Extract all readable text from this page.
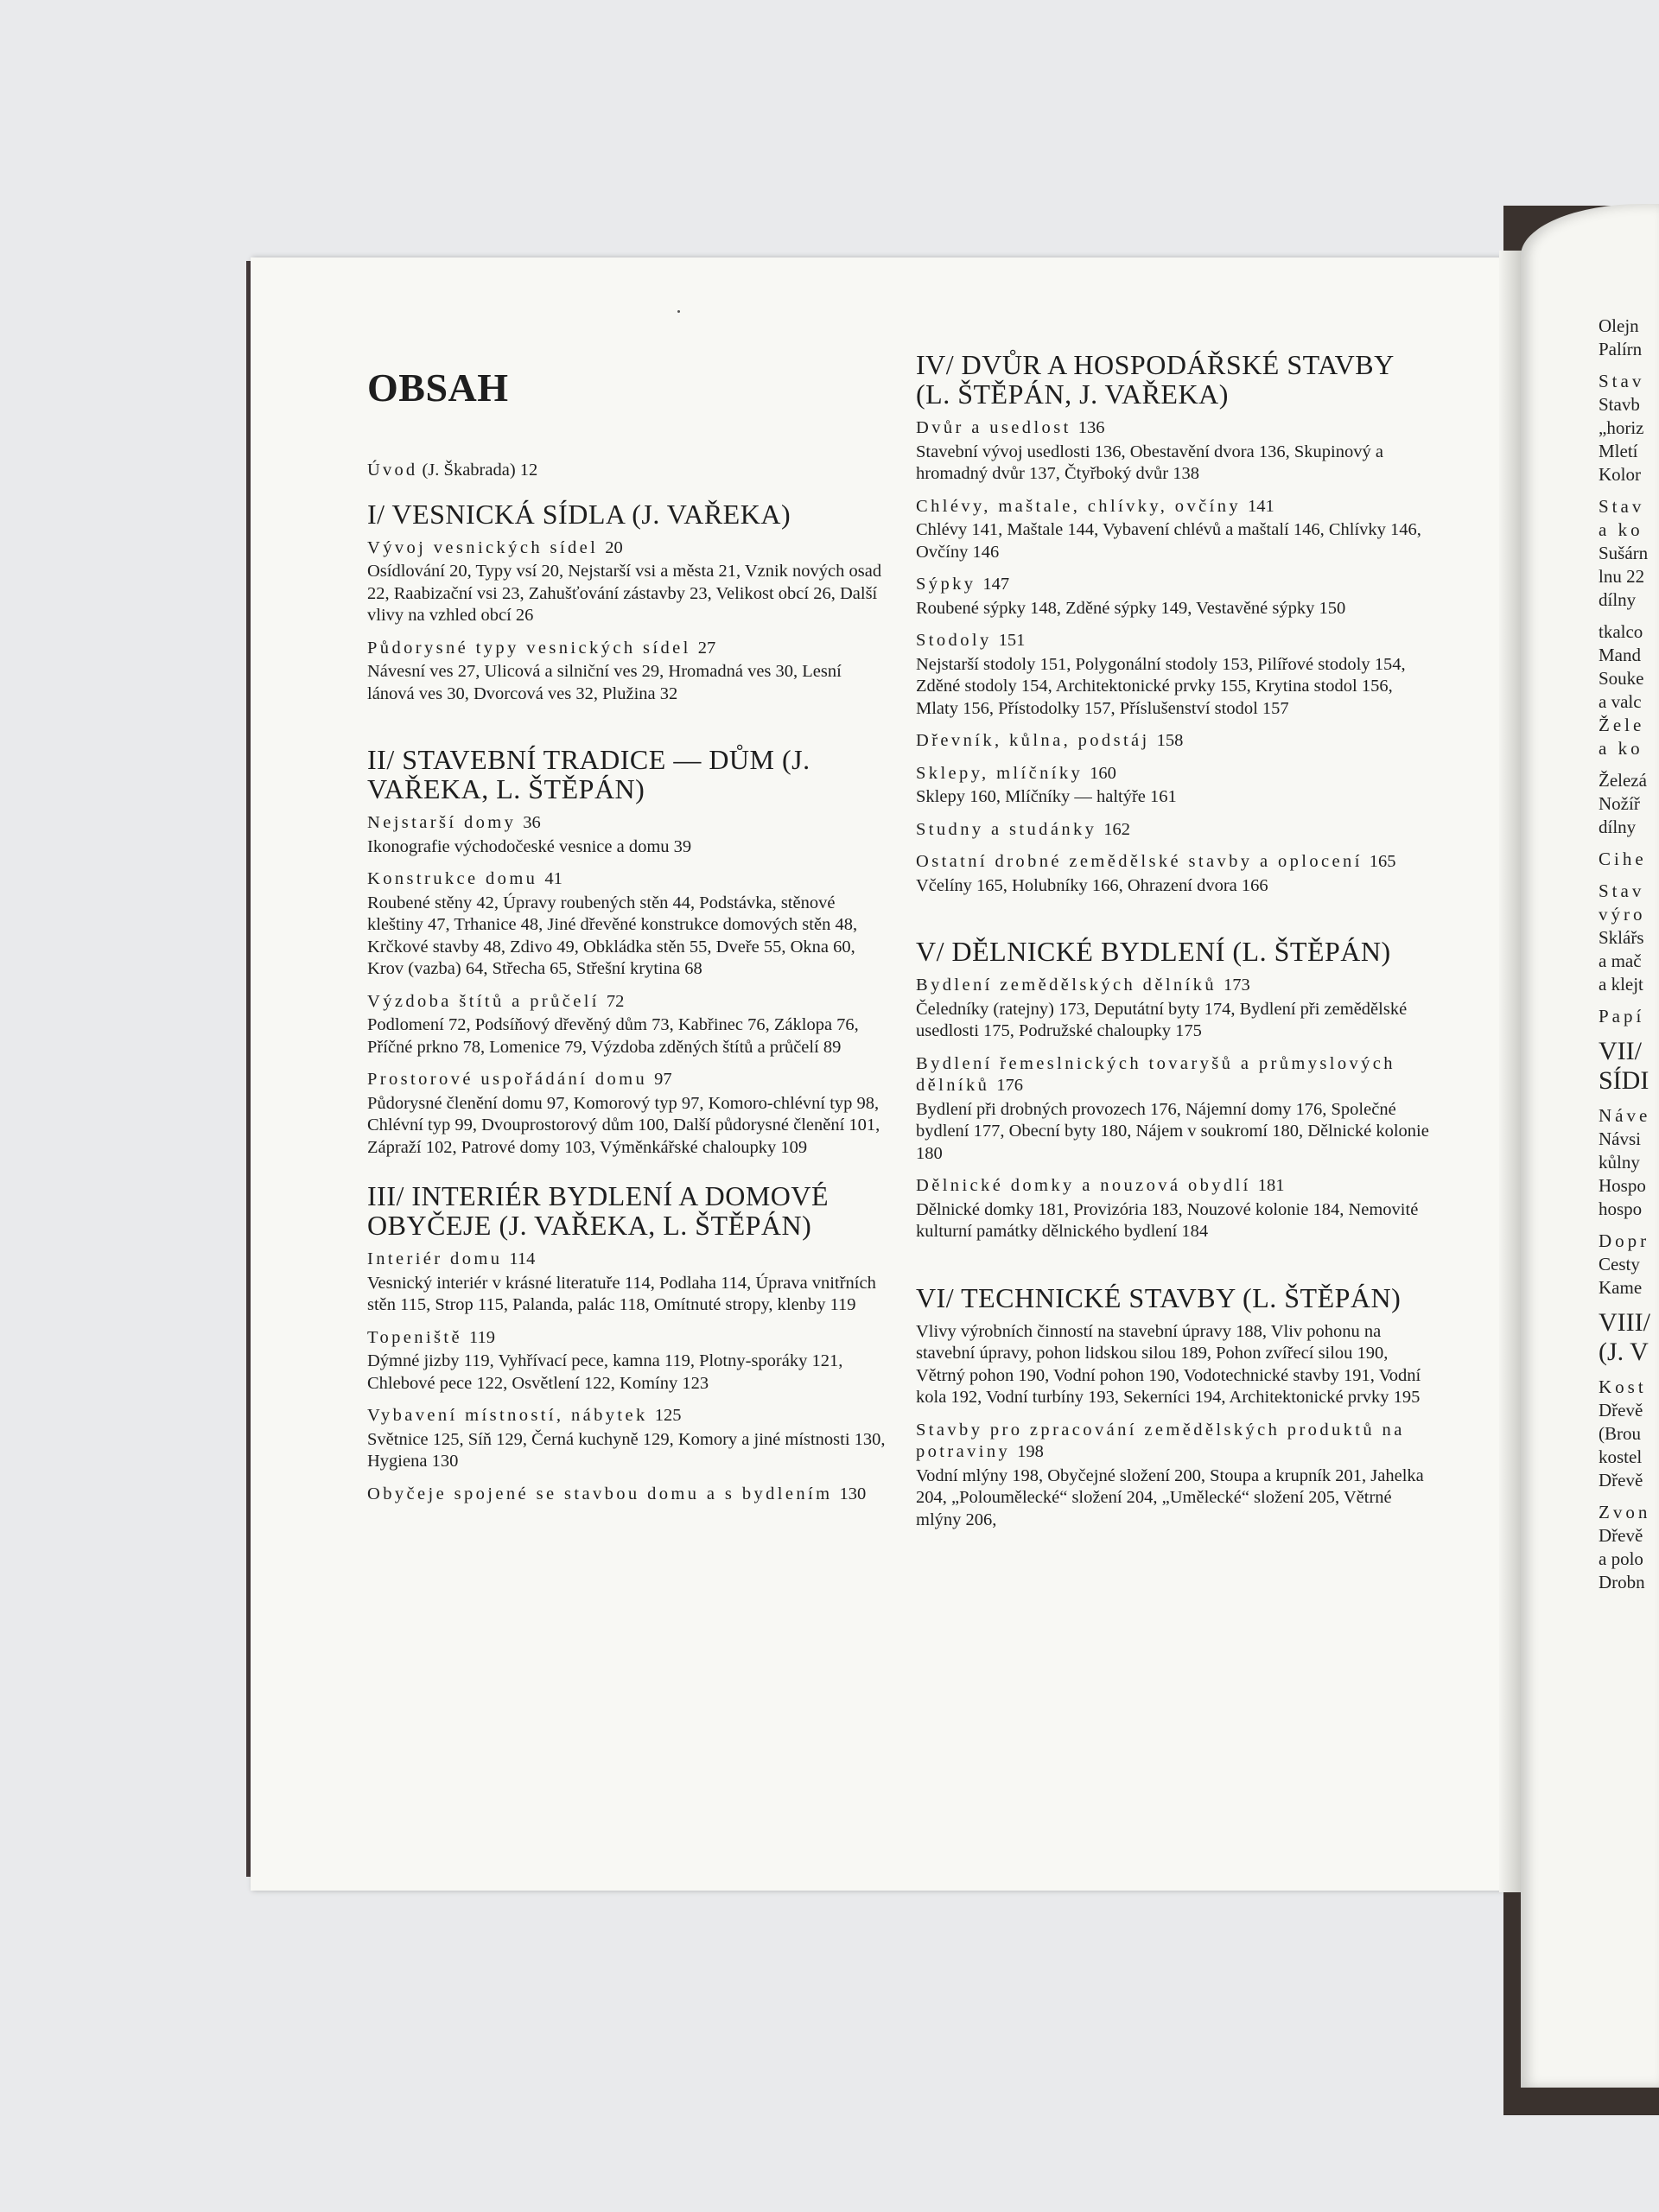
OBSAH
Úvod (J. Škabrada) 12
I/ VESNICKÁ SÍDLA (J. VAŘEKA)
Vývoj vesnických sídel 20
Osídlování 20, Typy vsí 20, Nejstarší vsi a města 21, Vznik nových osad 22, Raabizační vsi 23, Zahušťování zástavby 23, Velikost obcí 26, Další vlivy na vzhled obcí 26
Půdorysné typy vesnických sídel 27
Návesní ves 27, Ulicová a silniční ves 29, Hromadná ves 30, Lesní lánová ves 30, Dvorcová ves 32, Plužina 32
II/ STAVEBNÍ TRADICE — DŮM (J. VAŘEKA, L. ŠTĚPÁN)
Nejstarší domy 36
Ikonografie východočeské vesnice a domu 39
Konstrukce domu 41
Roubené stěny 42, Úpravy roubených stěn 44, Podstávka, stěnové kleštiny 47, Trhanice 48, Jiné dřevěné konstrukce domových stěn 48, Krčkové stavby 48, Zdivo 49, Obkládka stěn 55, Dveře 55, Okna 60, Krov (vazba) 64, Střecha 65, Střešní krytina 68
Výzdoba štítů a průčelí 72
Podlomení 72, Podsíňový dřevěný dům 73, Kabřinec 76, Záklopa 76, Příčné prkno 78, Lomenice 79, Výzdoba zděných štítů a průčelí 89
Prostorové uspořádání domu 97
Půdorysné členění domu 97, Komorový typ 97, Komoro-chlévní typ 98, Chlévní typ 99, Dvouprostorový dům 100, Další půdorysné členění 101, Zápraží 102, Patrové domy 103, Výměnkářské chaloupky 109
III/ INTERIÉR BYDLENÍ A DOMOVÉ OBYČEJE (J. VAŘEKA, L. ŠTĚPÁN)
Interiér domu 114
Vesnický interiér v krásné literatuře 114, Podlaha 114, Úprava vnitřních stěn 115, Strop 115, Palanda, palác 118, Omítnuté stropy, klenby 119
Topeniště 119
Dýmné jizby 119, Vyhřívací pece, kamna 119, Plotny-sporáky 121, Chlebové pece 122, Osvětlení 122, Komíny 123
Vybavení místností, nábytek 125
Světnice 125, Síň 129, Černá kuchyně 129, Komory a jiné místnosti 130, Hygiena 130
Obyčeje spojené se stavbou domu a s bydlením 130
IV/ DVŮR A HOSPODÁŘSKÉ STAVBY (L. ŠTĚPÁN, J. VAŘEKA)
Dvůr a usedlost 136
Stavební vývoj usedlosti 136, Obestavění dvora 136, Skupinový a hromadný dvůr 137, Čtyřboký dvůr 138
Chlévy, maštale, chlívky, ovčíny 141
Chlévy 141, Maštale 144, Vybavení chlévů a maštalí 146, Chlívky 146, Ovčíny 146
Sýpky 147
Roubené sýpky 148, Zděné sýpky 149, Vestavěné sýpky 150
Stodoly 151
Nejstarší stodoly 151, Polygonální stodoly 153, Pilířové stodoly 154, Zděné stodoly 154, Architektonické prvky 155, Krytina stodol 156, Mlaty 156, Přístodolky 157, Příslušenství stodol 157
Dřevník, kůlna, podstáj 158
Sklepy, mlíčníky 160
Sklepy 160, Mlíčníky — haltýře 161
Studny a studánky 162
Ostatní drobné zemědělské stavby a oplocení 165
Včelíny 165, Holubníky 166, Ohrazení dvora 166
V/ DĚLNICKÉ BYDLENÍ (L. ŠTĚPÁN)
Bydlení zemědělských dělníků 173
Čeledníky (ratejny) 173, Deputátní byty 174, Bydlení při zemědělské usedlosti 175, Podružské chaloupky 175
Bydlení řemeslnických tovaryšů a průmyslových dělníků 176
Bydlení při drobných provozech 176, Nájemní domy 176, Společné bydlení 177, Obecní byty 180, Nájem v soukromí 180, Dělnické kolonie 180
Dělnické domky a nouzová obydlí 181
Dělnické domky 181, Provizória 183, Nouzové kolonie 184, Nemovité kulturní památky dělnického bydlení 184
VI/ TECHNICKÉ STAVBY (L. ŠTĚPÁN)
Vlivy výrobních činností na stavební úpravy 188, Vliv pohonu na stavební úpravy, pohon lidskou silou 189, Pohon zvířecí silou 190, Větrný pohon 190, Vodní pohon 190, Vodotechnické stavby 191, Vodní kola 192, Vodní turbíny 193, Sekerníci 194, Architektonické prvky 195
Stavby pro zpracování zemědělských produktů na potraviny 198
Vodní mlýny 198, Obyčejné složení 200, Stoupa a krupník 201, Jahelka 204, „Poloumělecké“ složení 204, „Umělecké“ složení 205, Větrné mlýny 206,
Olejn
Palírn
Stav
Stavb
„horiz
Mletí
Kolor
Stav
a ko
Sušárn
lnu 22
dílny
tkalco
Mand
Souke
a valc
Žele
a ko
Železá
Nožíř
dílny
Cihe
Stav
výro
Sklářs
a mač
a klejt
Papí
VII/
SÍDI
Náve
Návsi
kůlny
Hospo
hospo
Dopr
Cesty
Kame
VIII/
(J. V
Kost
Dřevě
(Brou
kostel
Dřevě
Zvon
Dřevě
a polo
Drobn
